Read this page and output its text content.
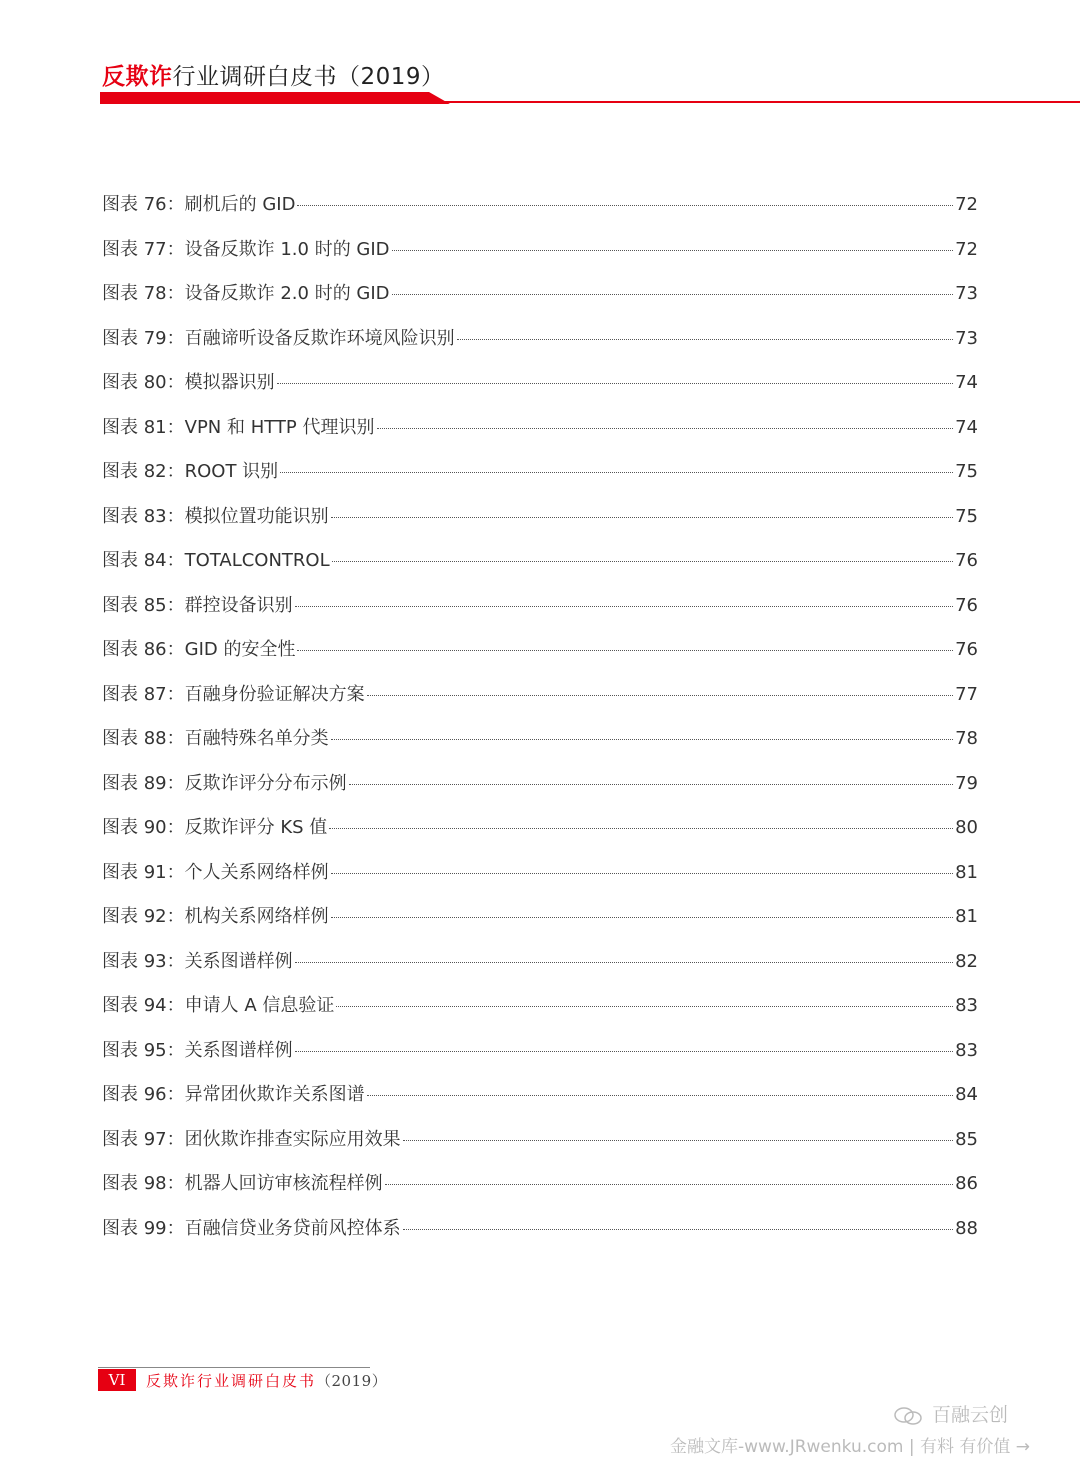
反欺诈行业调研白皮书（2019）
图表 76：刷机后的 GID	72
图表 77：设备反欺诈 1.0 时的 GID	72
图表 78：设备反欺诈 2.0 时的 GID	73
图表 79：百融谛听设备反欺诈环境风险识别	73
图表 80：模拟器识别	74
图表 81：VPN 和 HTTP 代理识别	74
图表 82：ROOT 识别	75
图表 83：模拟位置功能识别	75
图表 84：TOTALCONTROL	76
图表 85：群控设备识别	76
图表 86：GID 的安全性	76
图表 87：百融身份验证解决方案	77
图表 88：百融特殊名单分类	78
图表 89：反欺诈评分分布示例	79
图表 90：反欺诈评分 KS 值	80
图表 91：个人关系网络样例	81
图表 92：机构关系网络样例	81
图表 93：关系图谱样例	82
图表 94：申请人 A 信息验证	83
图表 95：关系图谱样例	83
图表 96：异常团伙欺诈关系图谱	84
图表 97：团伙欺诈排查实际应用效果	85
图表 98：机器人回访审核流程样例	86
图表 99：百融信贷业务贷前风控体系	88
VI	反欺诈行业调研白皮书（2019）
百融云创
金融文库-www.JRwenku.com | 有料 有价值 →
